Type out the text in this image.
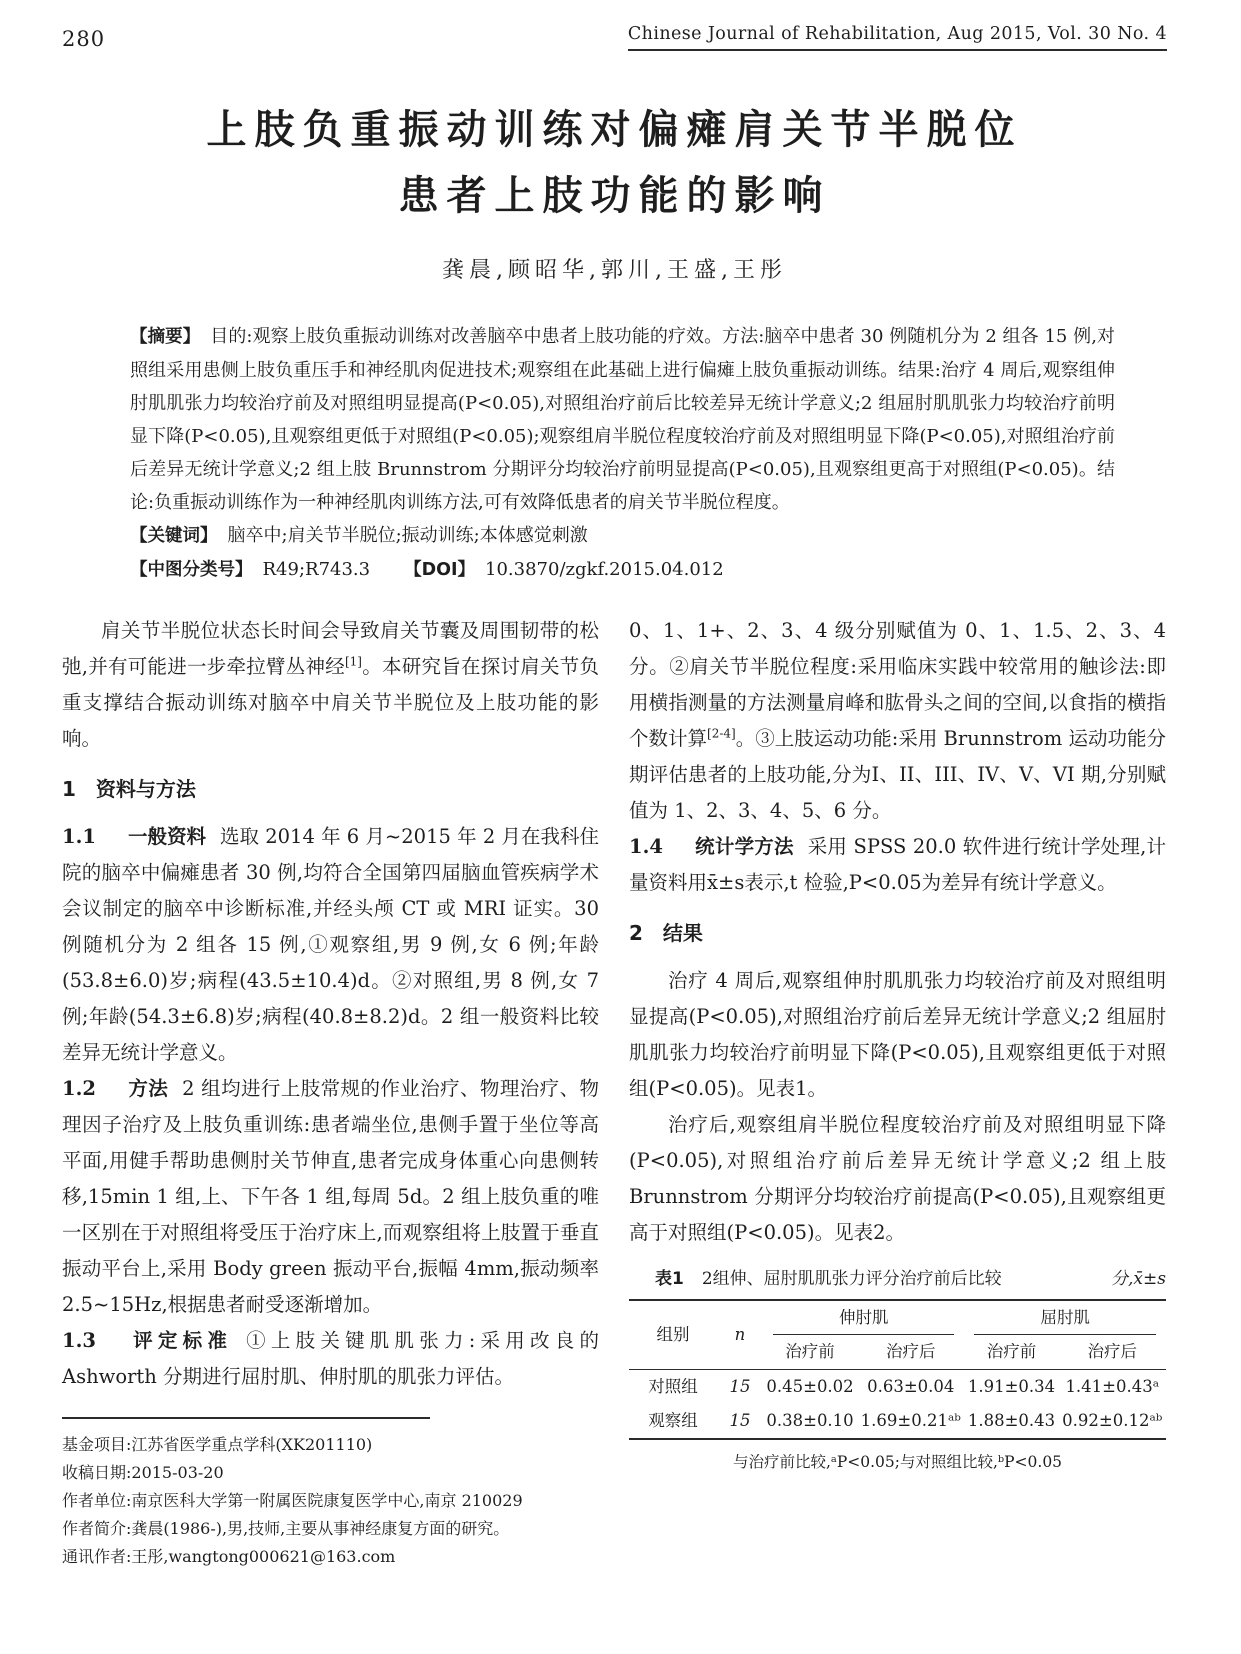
280	Chinese Journal of Rehabilitation, Aug 2015, Vol. 30 No. 4
上肢负重振动训练对偏瘫肩关节半脱位
患者上肢功能的影响
龚晨,顾昭华,郭川,王盛,王彤
【摘要】 目的:观察上肢负重振动训练对改善脑卒中患者上肢功能的疗效。方法:脑卒中患者 30 例随机分为 2 组各 15 例,对照组采用患侧上肢负重压手和神经肌肉促进技术;观察组在此基础上进行偏瘫上肢负重振动训练。结果:治疗 4 周后,观察组伸肘肌肌张力均较治疗前及对照组明显提高(P<0.05),对照组治疗前后比较差异无统计学意义;2 组屈肘肌肌张力均较治疗前明显下降(P<0.05),且观察组更低于对照组(P<0.05);观察组肩半脱位程度较治疗前及对照组明显下降(P<0.05),对照组治疗前后差异无统计学意义;2 组上肢 Brunnstrom 分期评分均较治疗前明显提高(P<0.05),且观察组更高于对照组(P<0.05)。结论:负重振动训练作为一种神经肌肉训练方法,可有效降低患者的肩关节半脱位程度。
【关键词】 脑卒中;肩关节半脱位;振动训练;本体感觉刺激
【中图分类号】 R49;R743.3 【DOI】 10.3870/zgkf.2015.04.012

肩关节半脱位状态长时间会导致肩关节囊及周围韧带的松弛,并有可能进一步牵拉臂丛神经[1]。本研究旨在探讨肩关节负重支撑结合振动训练对脑卒中肩关节半脱位及上肢功能的影响。

1 资料与方法

1.1 一般资料 选取 2014 年 6 月~2015 年 2 月在我科住院的脑卒中偏瘫患者 30 例,均符合全国第四届脑血管疾病学术会议制定的脑卒中诊断标准,并经头颅 CT 或 MRI 证实。30 例随机分为 2 组各 15 例,①观察组,男 9 例,女 6 例;年龄(53.8±6.0)岁;病程(43.5±10.4)d。②对照组,男 8 例,女 7 例;年龄(54.3±6.8)岁;病程(40.8±8.2)d。2 组一般资料比较差异无统计学意义。

1.2 方法 2 组均进行上肢常规的作业治疗、物理治疗、物理因子治疗及上肢负重训练:患者端坐位,患侧手置于坐位等高平面,用健手帮助患侧肘关节伸直,患者完成身体重心向患侧转移,15min 1 组,上、下午各 1 组,每周 5d。2 组上肢负重的唯一区别在于对照组将受压于治疗床上,而观察组将上肢置于垂直振动平台上,采用 Body green 振动平台,振幅 4mm,振动频率 2.5~15Hz,根据患者耐受逐渐增加。

1.3 评定标准 ①上肢关键肌肌张力:采用改良的 Ashworth 分期进行屈肘肌、伸肘肌的肌张力评估。

基金项目:江苏省医学重点学科(XK201110)
收稿日期:2015-03-20
作者单位:南京医科大学第一附属医院康复医学中心,南京 210029
作者简介:龚晨(1986-),男,技师,主要从事神经康复方面的研究。
通讯作者:王彤,wangtong000621@163.com

0、1、1+、2、3、4 级分别赋值为 0、1、1.5、2、3、4 分。②肩关节半脱位程度:采用临床实践中较常用的触诊法:即用横指测量的方法测量肩峰和肱骨头之间的空间,以食指的横指个数计算[2-4]。③上肢运动功能:采用 Brunnstrom 运动功能分期评估患者的上肢功能,分为I、II、III、IV、V、VI 期,分别赋值为 1、2、3、4、5、6 分。

1.4 统计学方法 采用 SPSS 20.0 软件进行统计学处理,计量资料用x̄±s表示,t 检验,P<0.05为差异有统计学意义。

2 结果

治疗 4 周后,观察组伸肘肌肌张力均较治疗前及对照组明显提高(P<0.05),对照组治疗前后差异无统计学意义;2 组屈肘肌肌张力均较治疗前明显下降(P<0.05),且观察组更低于对照组(P<0.05)。见表1。

治疗后,观察组肩半脱位程度较治疗前及对照组明显下降(P<0.05),对照组治疗前后差异无统计学意义;2 组上肢 Brunnstrom 分期评分均较治疗前提高(P<0.05),且观察组更高于对照组(P<0.05)。见表2。

表1 2组伸、屈肘肌肌张力评分治疗前后比较	分,x̄±s
组别	n	伸肘肌		屈肘肌	
		治疗前	治疗后	治疗前	治疗后
对照组	15	0.45±0.02	0.63±0.04	1.91±0.34	1.41±0.43ᵃ
观察组	15	0.38±0.10	1.69±0.21ᵃᵇ	1.88±0.43	0.92±0.12ᵃᵇ
与治疗前比较,ᵃP<0.05;与对照组比较,ᵇP<0.05
